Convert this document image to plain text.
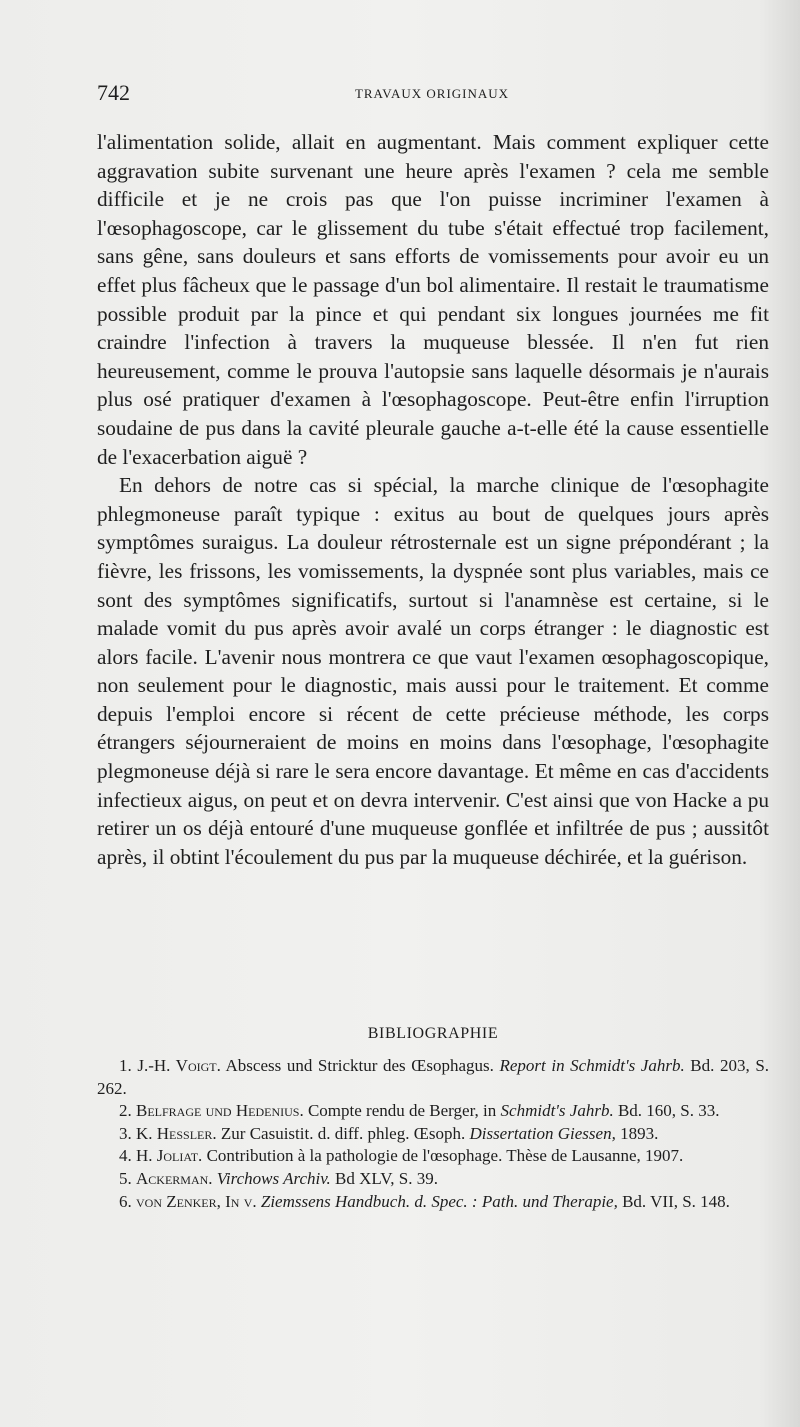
742	TRAVAUX ORIGINAUX

l'alimentation solide, allait en augmentant. Mais comment expliquer cette aggravation subite survenant une heure après l'examen ? cela me semble difficile et je ne crois pas que l'on puisse incriminer l'examen à l'œsophagoscope, car le glissement du tube s'était effectué trop facilement, sans gêne, sans douleurs et sans efforts de vomissements pour avoir eu un effet plus fâcheux que le passage d'un bol alimentaire. Il restait le traumatisme possible produit par la pince et qui pendant six longues journées me fit craindre l'infection à travers la muqueuse blessée. Il n'en fut rien heureusement, comme le prouva l'autopsie sans laquelle désormais je n'aurais plus osé pratiquer d'examen à l'œsophagoscope. Peut-être enfin l'irruption soudaine de pus dans la cavité pleurale gauche a-t-elle été la cause essentielle de l'exacerbation aiguë ?

En dehors de notre cas si spécial, la marche clinique de l'œsophagite phlegmoneuse paraît typique : exitus au bout de quelques jours après symptômes suraigus. La douleur rétrosternale est un signe prépondérant ; la fièvre, les frissons, les vomissements, la dyspnée sont plus variables, mais ce sont des symptômes significatifs, surtout si l'anamnèse est certaine, si le malade vomit du pus après avoir avalé un corps étranger : le diagnostic est alors facile. L'avenir nous montrera ce que vaut l'examen œsophagoscopique, non seulement pour le diagnostic, mais aussi pour le traitement. Et comme depuis l'emploi encore si récent de cette précieuse méthode, les corps étrangers séjourneraient de moins en moins dans l'œsophage, l'œsophagite plegmoneuse déjà si rare le sera encore davantage. Et même en cas d'accidents infectieux aigus, on peut et on devra intervenir. C'est ainsi que von Hacke a pu retirer un os déjà entouré d'une muqueuse gonflée et infiltrée de pus ; aussitôt après, il obtint l'écoulement du pus par la muqueuse déchirée, et la guérison.

BIBLIOGRAPHIE

1. J.-H. Voigt. Abscess und Stricktur des Œsophagus. Report in Schmidt's Jahrb. Bd. 203, S. 262.

2. Belfrage und Hedenius. Compte rendu de Berger, in Schmidt's Jahrb. Bd. 160, S. 33.

3. K. Hessler. Zur Casuistit. d. diff. phleg. Œsoph. Dissertation Giessen, 1893.

4. H. Joliat. Contribution à la pathologie de l'œsophage. Thèse de Lausanne, 1907.

5. Ackerman. Virchows Archiv. Bd XLV, S. 39.

6. von Zenker, In v. Ziemssens Handbuch. d. Spec. : Path. und Therapie, Bd. VII, S. 148.
